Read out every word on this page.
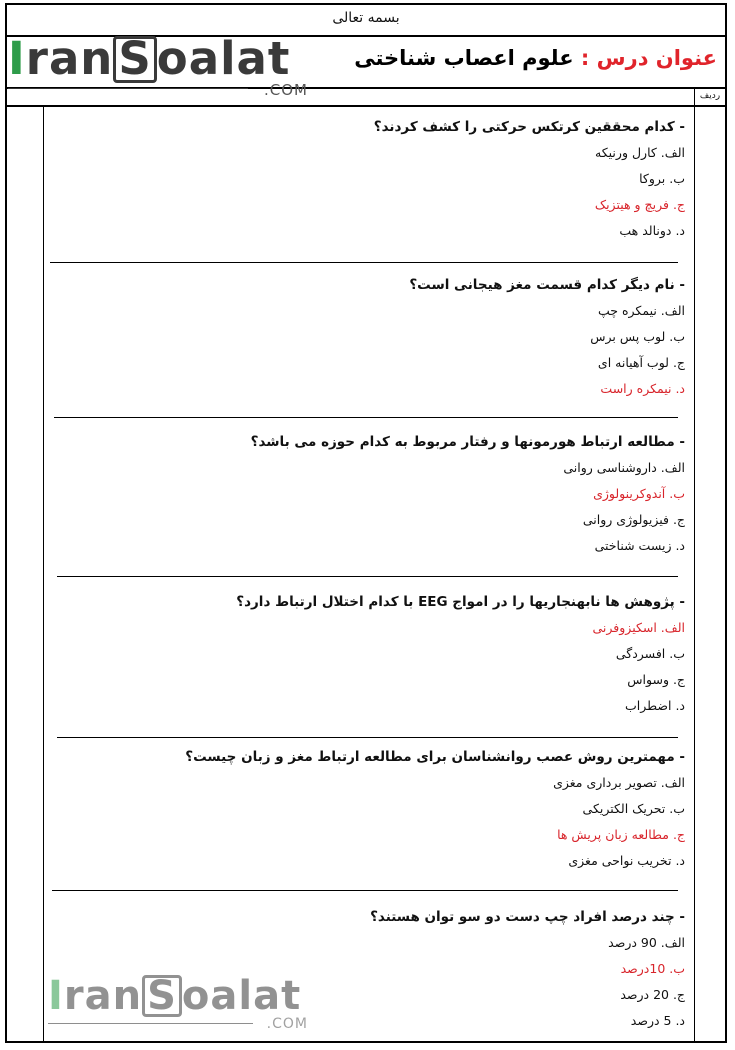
بسمه تعالی
عنوان درس : علوم اعصاب شناختی
ردیف
Iran S oalat
.COM
Iran S oalat
.COM
- کدام محققین کرتکس حرکتی را کشف کردند؟
الف. کارل ورنیکه
ب. بروکا
ج. فریچ و هیتزیک
د. دونالد هب
- نام دیگر کدام قسمت مغز هیجانی است؟
الف. نیمکره چپ
ب. لوب پس برس
ج. لوب آهیانه ای
د. نیمکره راست
- مطالعه ارتباط هورمونها و رفتار مربوط به کدام حوزه می باشد؟
الف. داروشناسی روانی
ب. آندوکرینولوژی
ج. فیزیولوژی روانی
د. زیست شناختی
- پژوهش ها نابهنجاریها را در امواج EEG با کدام اختلال ارتباط دارد؟
الف. اسکیزوفرنی
ب. افسردگی
ج. وسواس
د. اضطراب
- مهمترین روش عصب روانشناسان برای مطالعه ارتباط مغز و زبان چیست؟
الف. تصویر برداری مغزی
ب. تحریک الکتریکی
ج. مطالعه زبان پریش ها
د. تخریب نواحی مغزی
- چند درصد افراد چپ دست دو سو توان هستند؟
الف. 90 درصد
ب. 10درصد
ج. 20 درصد
د. 5 درصد
